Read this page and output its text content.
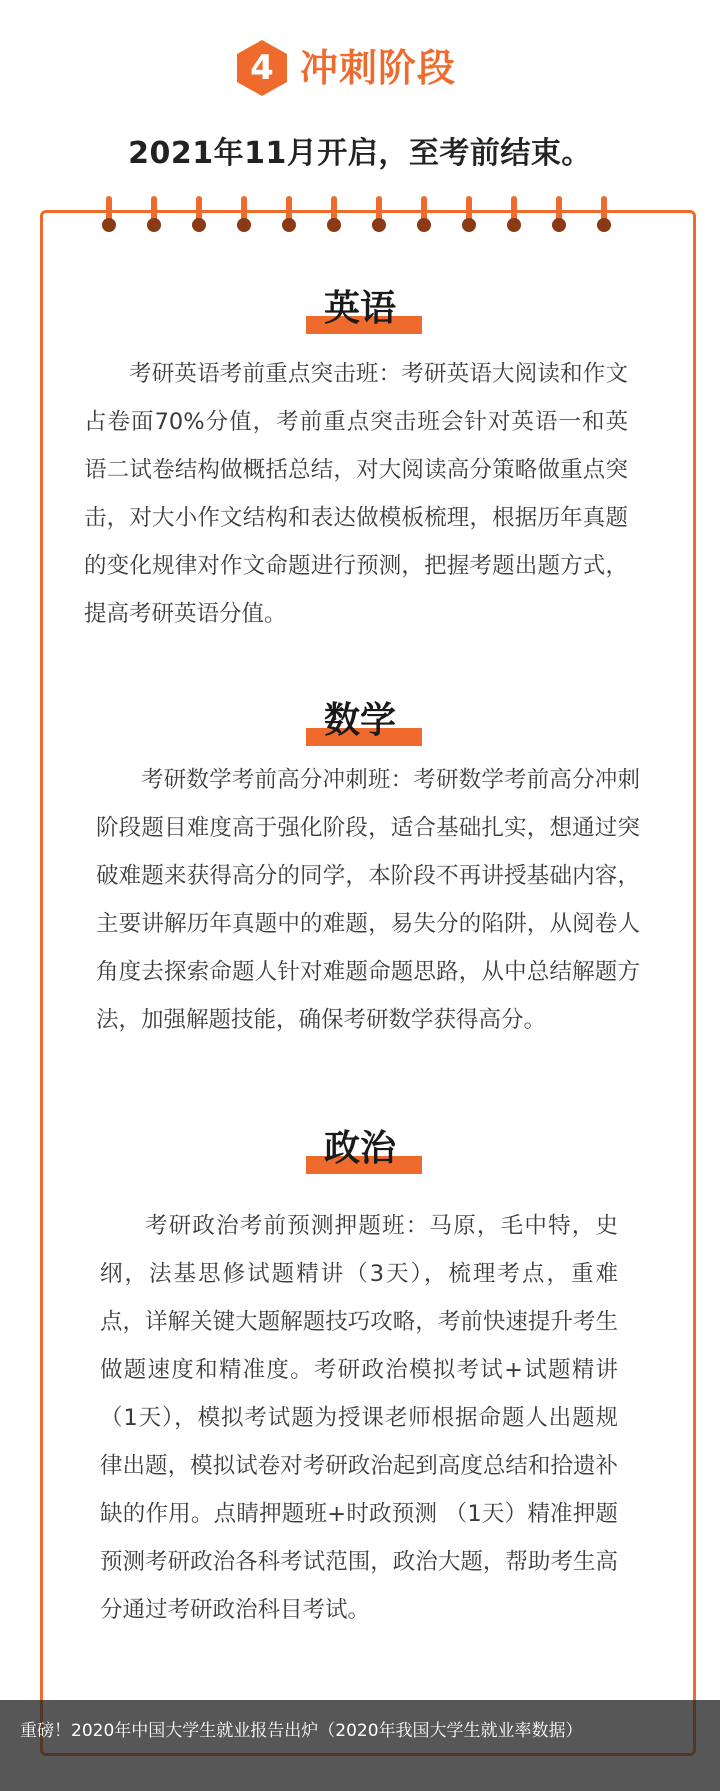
4 冲刺阶段
2021年11月开启，至考前结束。
英语

考研英语考前重点突击班：考研英语大阅读和作文占卷面70%分值，考前重点突击班会针对英语一和英语二试卷结构做概括总结，对大阅读高分策略做重点突击，对大小作文结构和表达做模板梳理，根据历年真题的变化规律对作文命题进行预测，把握考题出题方式，提高考研英语分值。

数学

考研数学考前高分冲刺班：考研数学考前高分冲刺阶段题目难度高于强化阶段，适合基础扎实，想通过突破难题来获得高分的同学，本阶段不再讲授基础内容，主要讲解历年真题中的难题，易失分的陷阱，从阅卷人角度去探索命题人针对难题命题思路，从中总结解题方法，加强解题技能，确保考研数学获得高分。

政治

考研政治考前预测押题班：马原，毛中特，史纲，法基思修试题精讲（3天），梳理考点，重难点，详解关键大题解题技巧攻略，考前快速提升考生做题速度和精准度。考研政治模拟考试+试题精讲（1天），模拟考试题为授课老师根据命题人出题规律出题，模拟试卷对考研政治起到高度总结和拾遗补缺的作用。点睛押题班+时政预测 （1天）精准押题预测考研政治各科考试范围，政治大题，帮助考生高分通过考研政治科目考试。

重磅！2020年中国大学生就业报告出炉（2020年我国大学生就业率数据）
